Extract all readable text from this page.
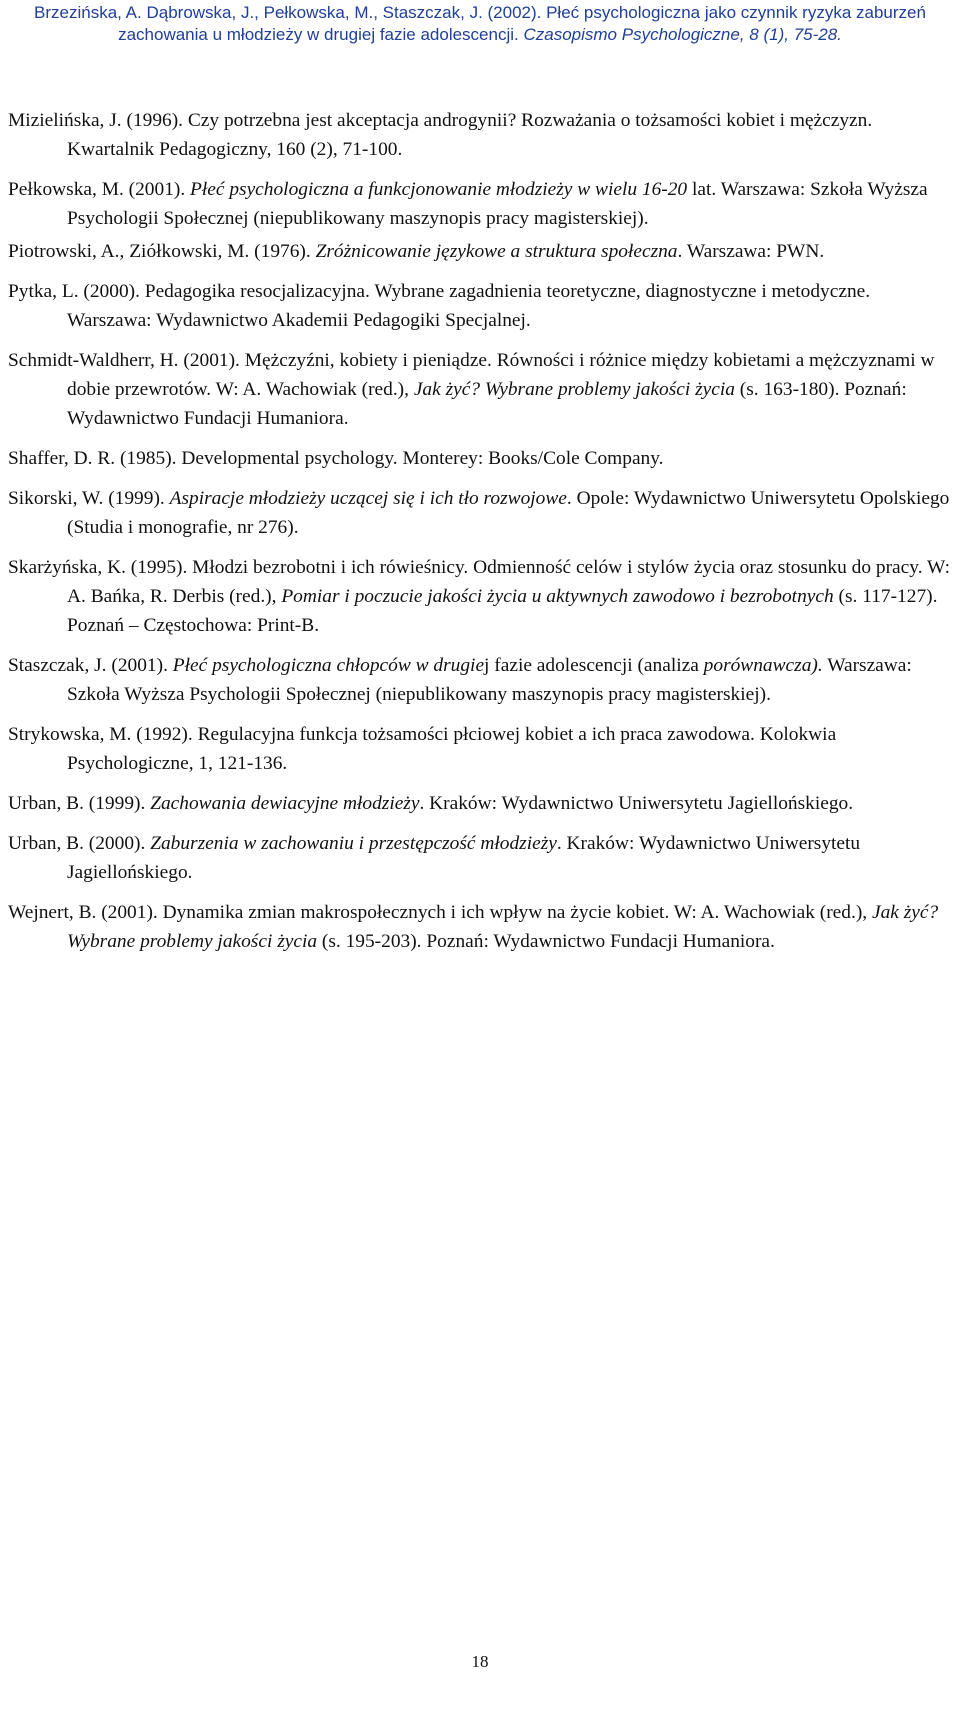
Brzezińska, A. Dąbrowska, J., Pełkowska, M., Staszczak, J. (2002). Płeć psychologiczna jako czynnik ryzyka zaburzeń
zachowania u młodzieży w drugiej fazie adolescencji. Czasopismo Psychologiczne, 8 (1), 75-28.
Mizielińska, J. (1996). Czy potrzebna jest akceptacja androgynii? Rozważania o tożsamości kobiet i mężczyzn. Kwartalnik Pedagogiczny, 160 (2), 71-100.
Pełkowska, M. (2001). Płeć psychologiczna a funkcjonowanie młodzieży w wielu 16-20 lat. Warszawa: Szkoła Wyższa Psychologii Społecznej (niepublikowany maszynopis pracy magisterskiej).
Piotrowski, A., Ziółkowski, M. (1976). Zróżnicowanie językowe a struktura społeczna. Warszawa: PWN.
Pytka, L. (2000). Pedagogika resocjalizacyjna. Wybrane zagadnienia teoretyczne, diagnostyczne i metodyczne. Warszawa: Wydawnictwo Akademii Pedagogiki Specjalnej.
Schmidt-Waldherr, H. (2001). Mężczyźni, kobiety i pieniądze. Równości i różnice między kobietami a mężczyznami w dobie przewrotów. W: A. Wachowiak (red.), Jak żyć? Wybrane problemy jakości życia (s. 163-180). Poznań: Wydawnictwo Fundacji Humaniora.
Shaffer, D. R. (1985). Developmental psychology. Monterey: Books/Cole Company.
Sikorski, W. (1999). Aspiracje młodzieży uczącej się i ich tło rozwojowe. Opole: Wydawnictwo Uniwersytetu Opolskiego (Studia i monografie, nr 276).
Skarżyńska, K. (1995). Młodzi bezrobotni i ich rówieśnicy. Odmienność celów i stylów życia oraz stosunku do pracy. W: A. Bańka, R. Derbis (red.), Pomiar i poczucie jakości życia u aktywnych zawodowo i bezrobotnych (s. 117-127). Poznań – Częstochowa: Print-B.
Staszczak, J. (2001). Płeć psychologiczna chłopców w drugiej fazie adolescencji (analiza porównawcza). Warszawa: Szkoła Wyższa Psychologii Społecznej (niepublikowany maszynopis pracy magisterskiej).
Strykowska, M. (1992). Regulacyjna funkcja tożsamości płciowej kobiet a ich praca zawodowa. Kolokwia Psychologiczne, 1, 121-136.
Urban, B. (1999). Zachowania dewiacyjne młodzieży. Kraków: Wydawnictwo Uniwersytetu Jagiellońskiego.
Urban, B. (2000). Zaburzenia w zachowaniu i przestępczość młodzieży. Kraków: Wydawnictwo Uniwersytetu Jagiellońskiego.
Wejnert, B. (2001). Dynamika zmian makrospołecznych i ich wpływ na życie kobiet. W: A. Wachowiak (red.), Jak żyć? Wybrane problemy jakości życia (s. 195-203). Poznań: Wydawnictwo Fundacji Humaniora.
18
